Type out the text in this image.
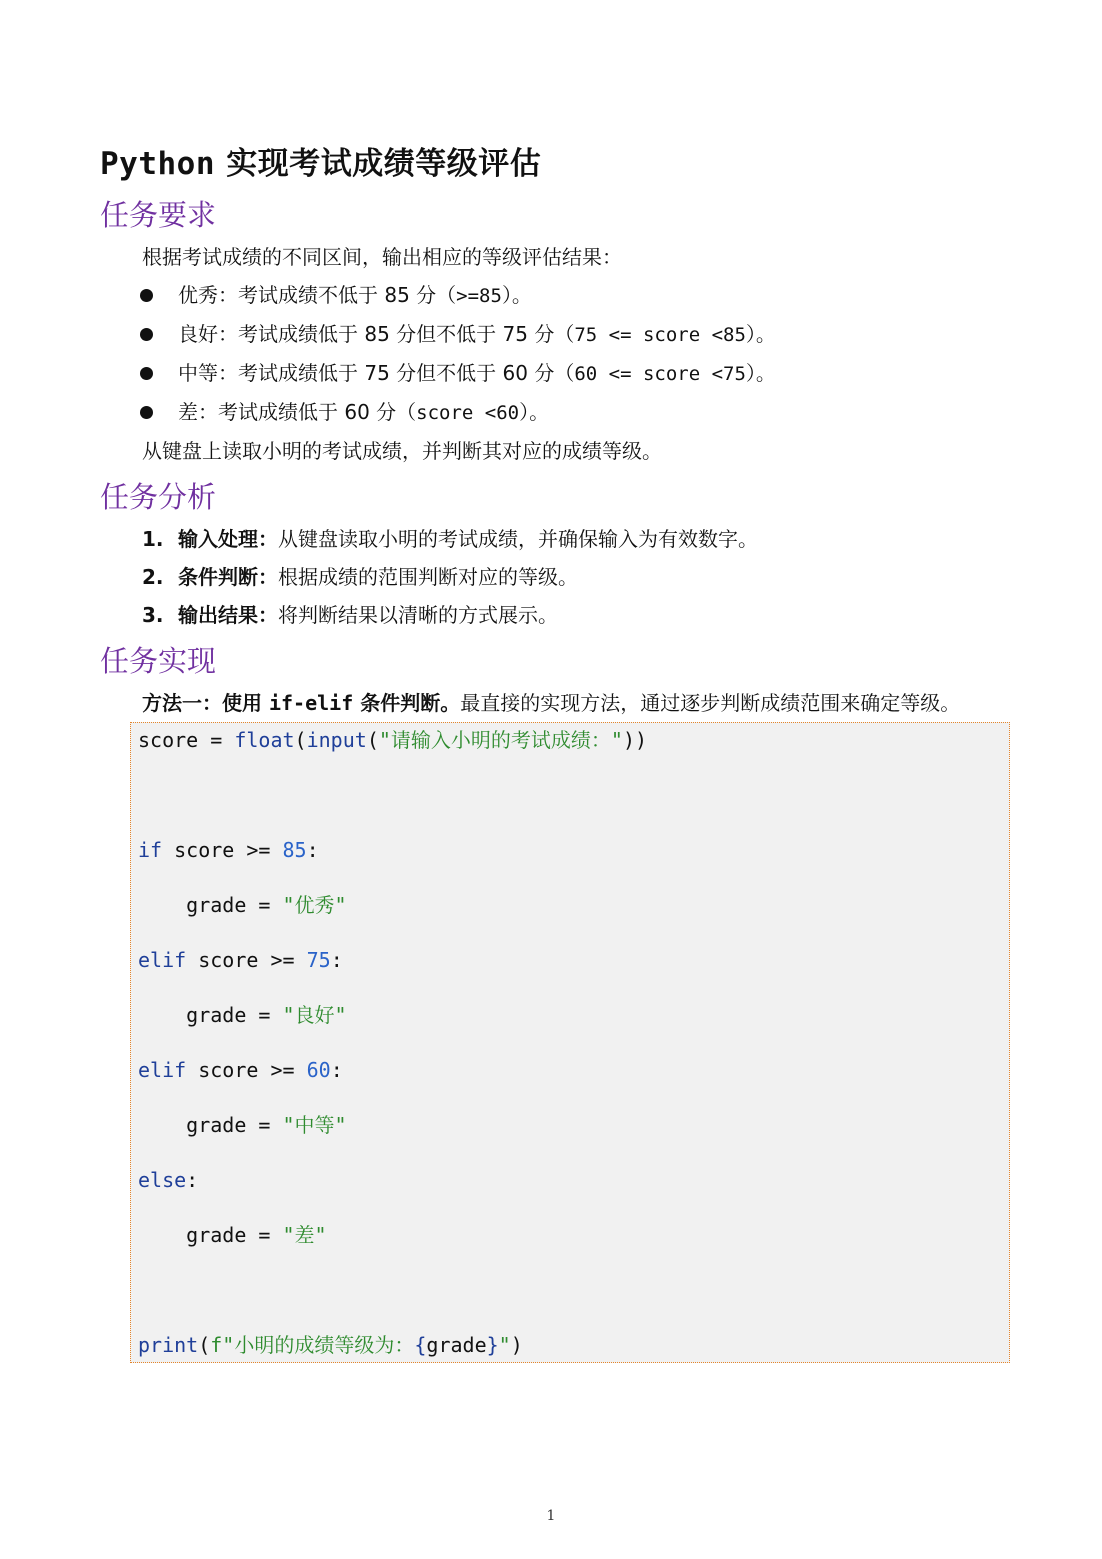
Python 实现考试成绩等级评估
任务要求

根据考试成绩的不同区间，输出相应的等级评估结果：

优秀：考试成绩不低于 85 分（>=85）。
良好：考试成绩低于 85 分但不低于 75 分（75 <= score <85）。
中等：考试成绩低于 75 分但不低于 60 分（60 <= score <75）。
差：考试成绩低于 60 分（score <60）。

从键盘上读取小明的考试成绩，并判断其对应的成绩等级。

任务分析
1. 输入处理：从键盘读取小明的考试成绩，并确保输入为有效数字。
2. 条件判断：根据成绩的范围判断对应的等级。
3. 输出结果：将判断结果以清晰的方式展示。
任务实现

方法一：使用 if-elif 条件判断。最直接的实现方法，通过逐步判断成绩范围来确定等级。

score = float(input("请输入小明的考试成绩："))

if score >= 85:

grade = "优秀"

elif score >= 75:

grade = "良好"

elif score >= 60:

grade = "中等"

else:

grade = "差"

print(f"小明的成绩等级为：{grade}")
1
